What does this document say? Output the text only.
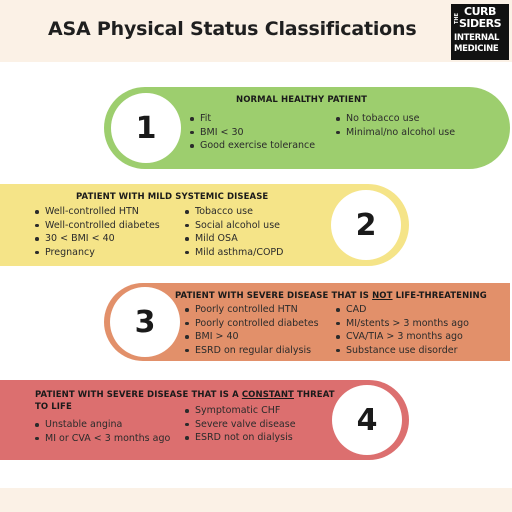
ASA Physical Status Classifications	THE
CURB
SIDERS
INTERNAL
MEDICINE
1
NORMAL HEALTHY PATIENT
Fit
BMI < 30
Good exercise tolerance
No tobacco use
Minimal/no alcohol use
2
PATIENT WITH MILD SYSTEMIC DISEASE
Well-controlled HTN
Well-controlled diabetes
30 < BMI < 40
Pregnancy
Tobacco use
Social alcohol use
Mild OSA
Mild asthma/COPD
3
PATIENT WITH SEVERE DISEASE THAT IS NOT LIFE-THREATENING
Poorly controlled HTN
Poorly controlled diabetes
BMI > 40
ESRD on regular dialysis
CAD
MI/stents > 3 months ago
CVA/TIA > 3 months ago
Substance use disorder
4
PATIENT WITH SEVERE DISEASE THAT IS A CONSTANT THREAT
TO LIFE
Unstable angina
MI or CVA < 3 months ago
Symptomatic CHF
Severe valve disease
ESRD not on dialysis
